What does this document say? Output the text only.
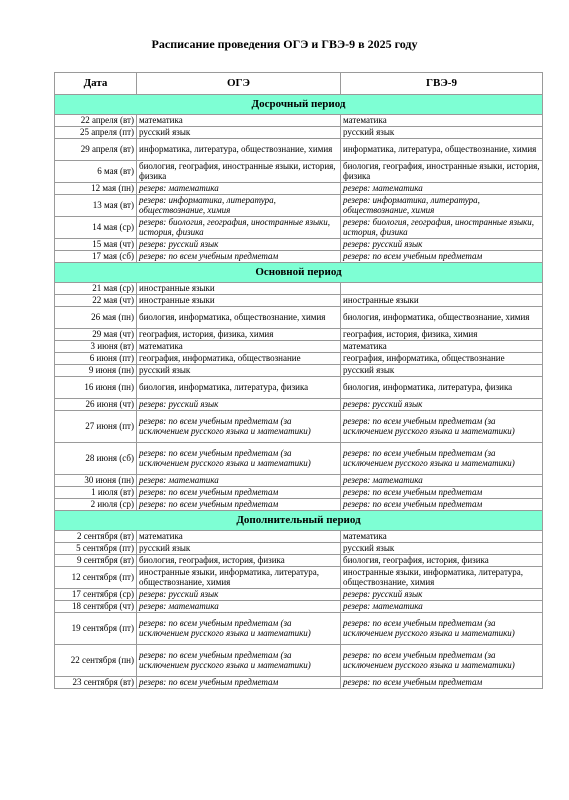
Расписание проведения ОГЭ и ГВЭ-9 в 2025 году
Дата	ОГЭ	ГВЭ-9
Досрочный период		
22 апреля (вт)	математика	математика
25 апреля (пт)	русский язык	русский язык
29 апреля (вт)	информатика, литература, обществознание, химия	информатика, литература, обществознание, химия
6 мая (вт)	биология, география, иностранные языки, история, физика	биология, география, иностранные языки, история, физика
12 мая (пн)	резерв: математика	резерв: математика
13 мая (вт)	резерв: информатика, литература, обществознание, химия	резерв: информатика, литература, обществознание, химия
14 мая (ср)	резерв: биология, география, иностранные языки, история, физика	резерв: биология, география, иностранные языки, история, физика
15 мая (чт)	резерв: русский язык	резерв: русский язык
17 мая (сб)	резерв: по всем учебным предметам	резерв: по всем учебным предметам
Основной период		
21 мая (ср)	иностранные языки	
22 мая (чт)	иностранные языки	иностранные языки
26 мая (пн)	биология, информатика, обществознание, химия	биология, информатика, обществознание, химия
29 мая (чт)	география, история, физика, химия	география, история, физика, химия
3 июня (вт)	математика	математика
6 июня (пт)	география, информатика, обществознание	география, информатика, обществознание
9 июня (пн)	русский язык	русский язык
16 июня (пн)	биология, информатика, литература, физика	биология, информатика, литература, физика
26 июня (чт)	резерв: русский язык	резерв: русский язык
27 июня (пт)	резерв: по всем учебным предметам (за исключением русского языка и математики)	резерв: по всем учебным предметам (за исключением русского языка и математики)
28 июня (сб)	резерв: по всем учебным предметам (за исключением русского языка и математики)	резерв: по всем учебным предметам (за исключением русского языка и математики)
30 июня (пн)	резерв: математика	резерв: математика
1 июля (вт)	резерв: по всем учебным предметам	резерв: по всем учебным предметам
2 июля (ср)	резерв: по всем учебным предметам	резерв: по всем учебным предметам
Дополнительный период		
2 сентября (вт)	математика	математика
5 сентября (пт)	русский язык	русский язык
9 сентября (вт)	биология, география, история, физика	биология, география, история, физика
12 сентября (пт)	иностранные языки, информатика, литература, обществознание, химия	иностранные языки, информатика, литература, обществознание, химия
17 сентября (ср)	резерв: русский язык	резерв: русский язык
18 сентября (чт)	резерв: математика	резерв: математика
19 сентября (пт)	резерв: по всем учебным предметам (за исключением русского языка и математики)	резерв: по всем учебным предметам (за исключением русского языка и математики)
22 сентября (пн)	резерв: по всем учебным предметам (за исключением русского языка и математики)	резерв: по всем учебным предметам (за исключением русского языка и математики)
23 сентября (вт)	резерв: по всем учебным предметам	резерв: по всем учебным предметам
